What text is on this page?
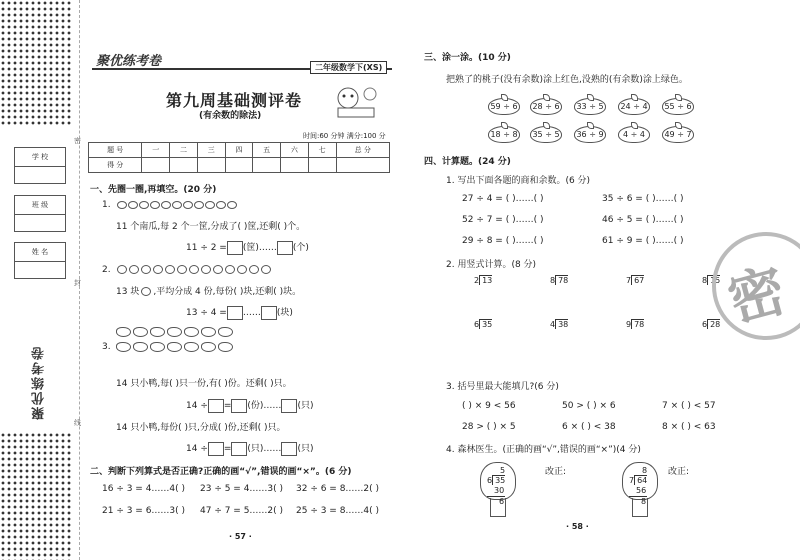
密
封
线
学 校
班 级
姓 名
聚优练考卷
聚优练考卷	二年级数学下(XS)
第九周基础测评卷
(有余数的除法)
时间:60 分钟 满分:100 分
题 号	一	二	三	四	五	六	七	总 分
得 分								
一、先圈一圈,再填空。(20 分)
1.
11 个南瓜,每 2 个一筐,分成了( )筐,还剩( )个。
11 ÷ 2 = (筐)…… (个)
2.
13 块 ,平均分成 4 份,每份( )块,还剩( )块。
13 ÷ 4 = …… (块)
3.
14 只小鸭,每( )只一份,有( )份。还剩( )只。
14 ÷ = (份)…… (只)
14 只小鸭,每份( )只,分成( )份,还剩( )只。
14 ÷ = (只)…… (只)
二、判断下列算式是否正确?正确的画“√”,错误的画“×”。(6 分)
16 ÷ 3 = 4……4( ) 23 ÷ 5 = 4……3( ) 32 ÷ 6 = 8……2( )
21 ÷ 3 = 6……3( ) 47 ÷ 7 = 5……2( ) 25 ÷ 3 = 8……4( )
· 57 ·
三、涂一涂。(10 分)
把熟了的桃子(没有余数)涂上红色,没熟的(有余数)涂上绿色。
59 ÷ 6	28 ÷ 6	33 ÷ 5	24 ÷ 4	55 ÷ 6
18 ÷ 8	35 ÷ 5	36 ÷ 9	4 ÷ 4	49 ÷ 7
四、计算题。(24 分)
1. 写出下面各题的商和余数。(6 分)
27 ÷ 4 = ( )……( )	35 ÷ 6 = ( )……( )
52 ÷ 7 = ( )……( )	46 ÷ 5 = ( )……( )
29 ÷ 8 = ( )……( )	61 ÷ 9 = ( )……( )
2. 用竖式计算。(8 分)
2 13	8 78	7 67	8 15
6 35	4 38	9 78	6 28
3. 括号里最大能填几?(6 分)
( ) × 9 < 56	50 > ( ) × 6	7 × ( ) < 57
28 > ( ) × 5	6 × ( ) < 38	8 × ( ) < 63
4. 森林医生。(正确的画“√”,错误的画“×”)(4 分)
5
6 35
30
6
改正:	8
7 64
56
8
改正:
· 58 ·
密
